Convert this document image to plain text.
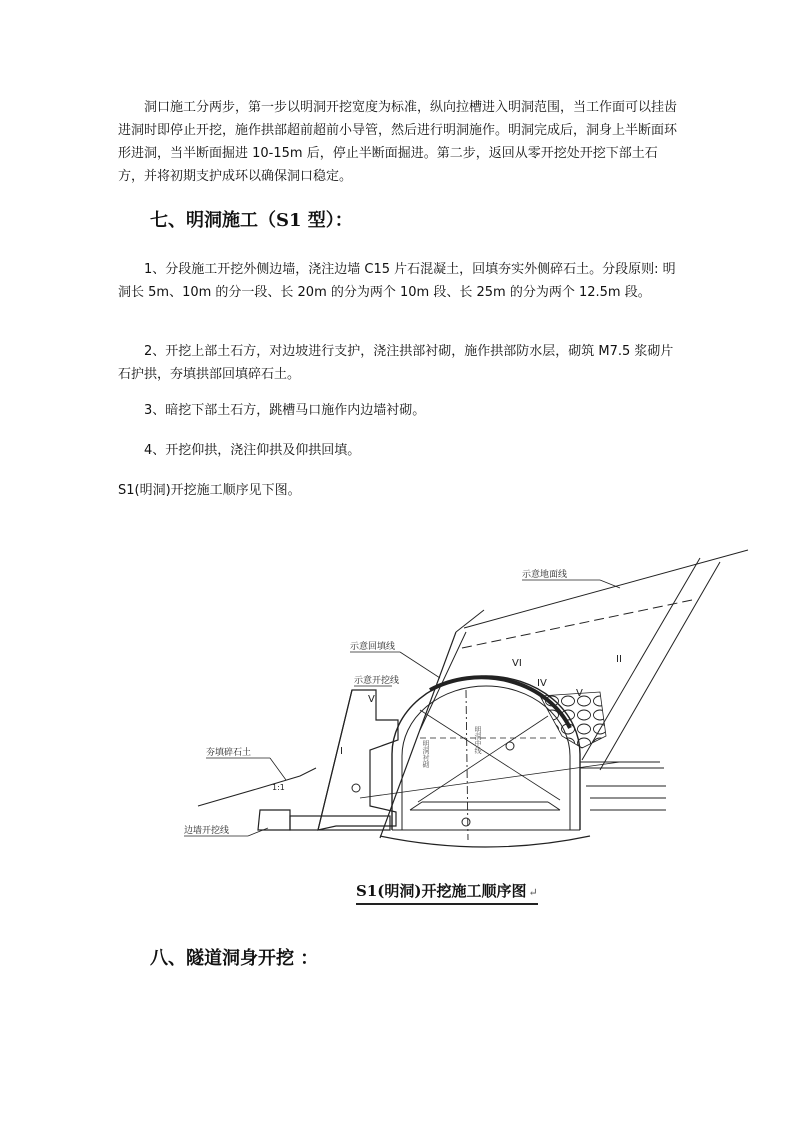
洞口施工分两步，第一步以明洞开挖宽度为标准，纵向拉槽进入明洞范围，当工作面可以挂齿进洞时即停止开挖，施作拱部超前超前小导管，然后进行明洞施作。明洞完成后，洞身上半断面环形进洞，当半断面掘进 10-15m 后，停止半断面掘进。第二步，返回从零开挖处开挖下部土石方，并将初期支护成环以确保洞口稳定。

七、明洞施工（S1 型）：

1、分段施工开挖外侧边墙，浇注边墙 C15 片石混凝土，回填夯实外侧碎石土。分段原则: 明洞长 5m、10m 的分一段、长 20m 的分为两个 10m 段、长 25m 的分为两个 12.5m 段。

2、开挖上部土石方，对边坡进行支护，浇注拱部衬砌，施作拱部防水层，砌筑 M7.5 浆砌片石护拱，夯填拱部回填碎石土。

3、暗挖下部土石方，跳槽马口施作内边墙衬砌。

4、开挖仰拱，浇注仰拱及仰拱回填。

S1(明洞)开挖施工顺序见下图。

示意地面线
示意回填线
示意开挖线
夯填碎石土
边墙开挖线
1:1
I
II
IV
V
V
VI
明洞衬砌	明洞中线
S1(明洞)开挖施工顺序图 ↵
八、隧道洞身开挖 ：
